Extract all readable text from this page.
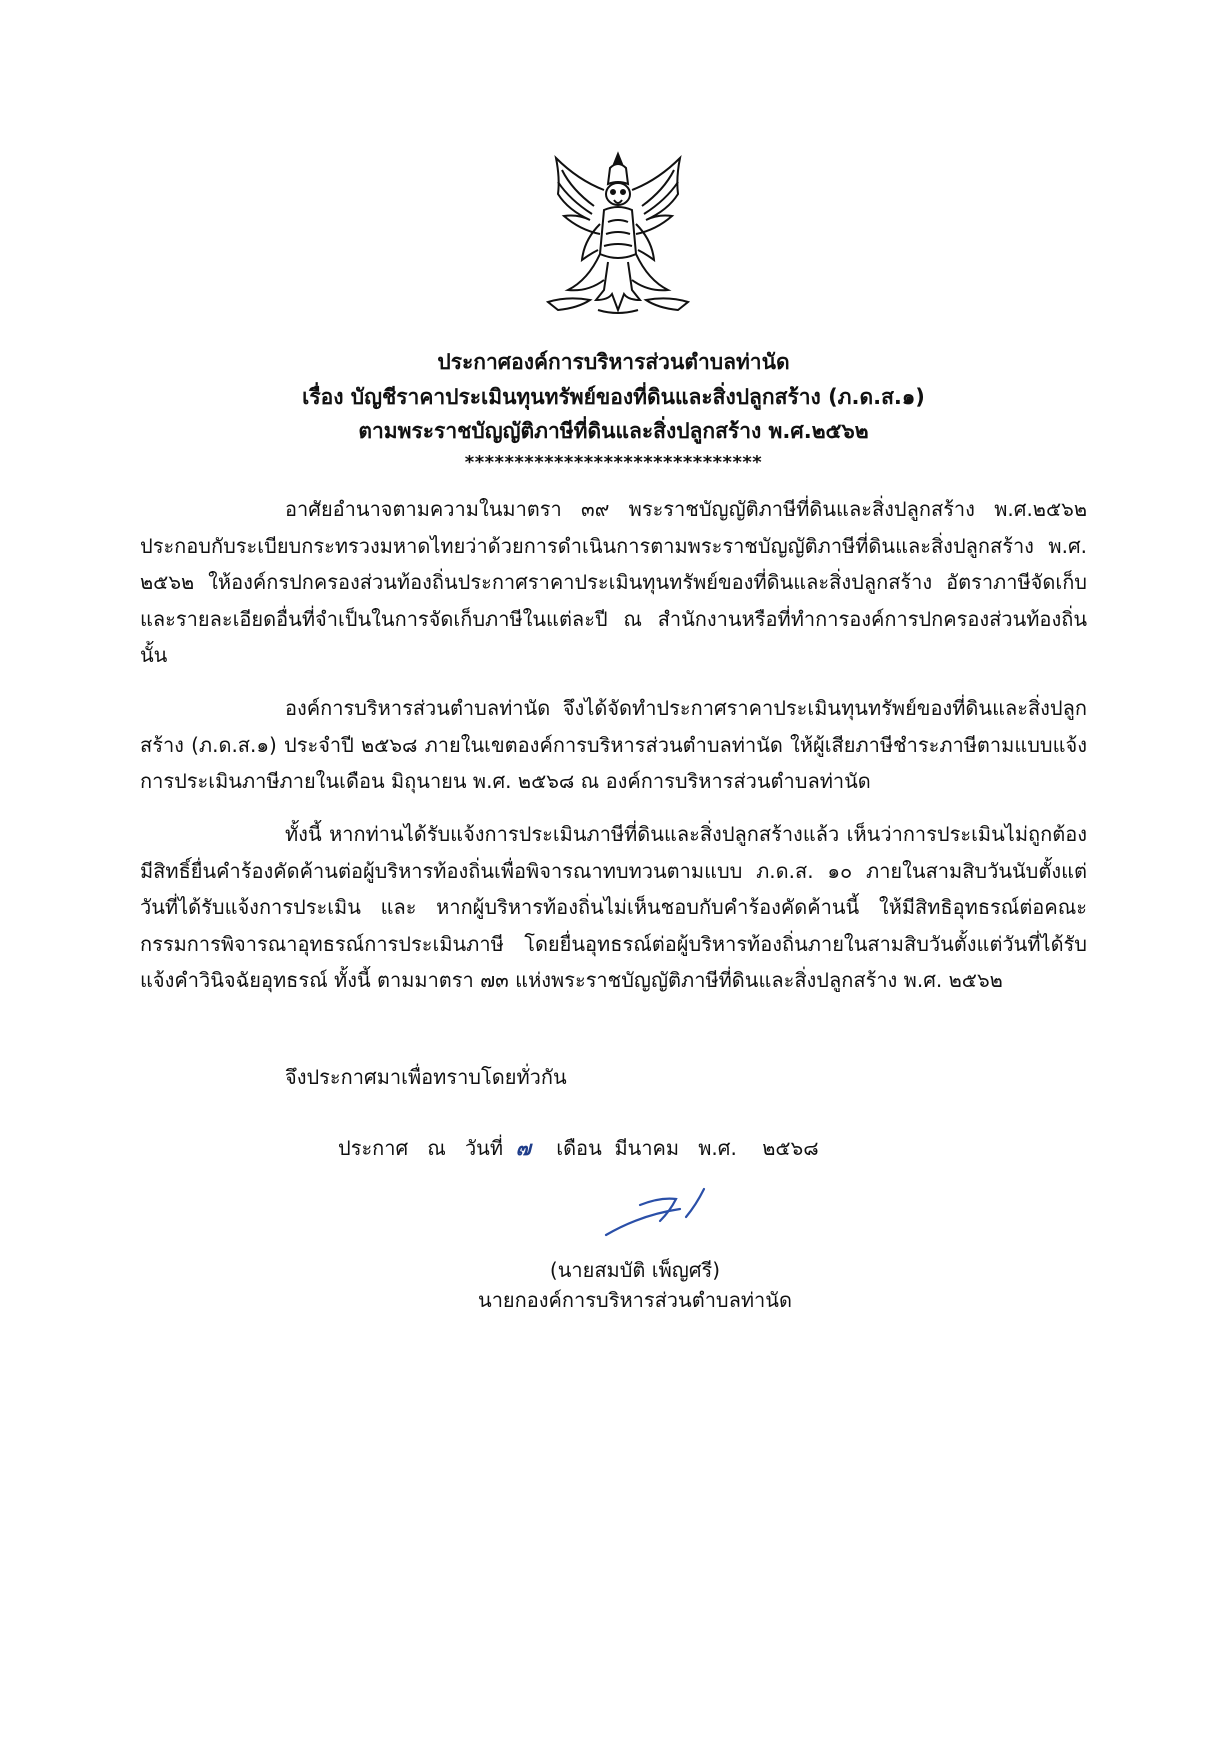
ประกาศองค์การบริหารส่วนตำบลท่านัด
เรื่อง บัญชีราคาประเมินทุนทรัพย์ของที่ดินและสิ่งปลูกสร้าง (ภ.ด.ส.๑)
ตามพระราชบัญญัติภาษีที่ดินและสิ่งปลูกสร้าง พ.ศ.๒๕๖๒
******************************
อาศัยอำนาจตามความในมาตรา ๓๙ พระราชบัญญัติภาษีที่ดินและสิ่งปลูกสร้าง พ.ศ.๒๕๖๒ ประกอบกับระเบียบกระทรวงมหาดไทยว่าด้วยการดำเนินการตามพระราชบัญญัติภาษีที่ดินและสิ่งปลูกสร้าง พ.ศ. ๒๕๖๒ ให้องค์กรปกครองส่วนท้องถิ่นประกาศราคาประเมินทุนทรัพย์ของที่ดินและสิ่งปลูกสร้าง อัตราภาษีจัดเก็บ และรายละเอียดอื่นที่จำเป็นในการจัดเก็บภาษีในแต่ละปี ณ สำนักงานหรือที่ทำการองค์การปกครองส่วนท้องถิ่นนั้น
องค์การบริหารส่วนตำบลท่านัด จึงได้จัดทำประกาศราคาประเมินทุนทรัพย์ของที่ดินและสิ่งปลูกสร้าง (ภ.ด.ส.๑) ประจำปี ๒๕๖๘ ภายในเขตองค์การบริหารส่วนตำบลท่านัด ให้ผู้เสียภาษีชำระภาษีตามแบบแจ้งการประเมินภาษีภายในเดือน มิถุนายน พ.ศ. ๒๕๖๘ ณ องค์การบริหารส่วนตำบลท่านัด
ทั้งนี้ หากท่านได้รับแจ้งการประเมินภาษีที่ดินและสิ่งปลูกสร้างแล้ว เห็นว่าการประเมินไม่ถูกต้อง มีสิทธิ์ยื่นคำร้องคัดค้านต่อผู้บริหารท้องถิ่นเพื่อพิจารณาทบทวนตามแบบ ภ.ด.ส. ๑๐ ภายในสามสิบวันนับตั้งแต่วันที่ได้รับแจ้งการประเมิน และ หากผู้บริหารท้องถิ่นไม่เห็นชอบกับคำร้องคัดค้านนี้ ให้มีสิทธิอุทธรณ์ต่อคณะกรรมการพิจารณาอุทธรณ์การประเมินภาษี โดยยื่นอุทธรณ์ต่อผู้บริหารท้องถิ่นภายในสามสิบวันตั้งแต่วันที่ได้รับแจ้งคำวินิจฉัยอุทธรณ์ ทั้งนี้ ตามมาตรา ๗๓ แห่งพระราชบัญญัติภาษีที่ดินและสิ่งปลูกสร้าง พ.ศ. ๒๕๖๒
จึงประกาศมาเพื่อทราบโดยทั่วกัน
ประกาศ
ณ
วันที่
๗
เดือน
มีนาคม
พ.ศ.
๒๕๖๘
(นายสมบัติ เพ็ญศรี)
นายกองค์การบริหารส่วนตำบลท่านัด
